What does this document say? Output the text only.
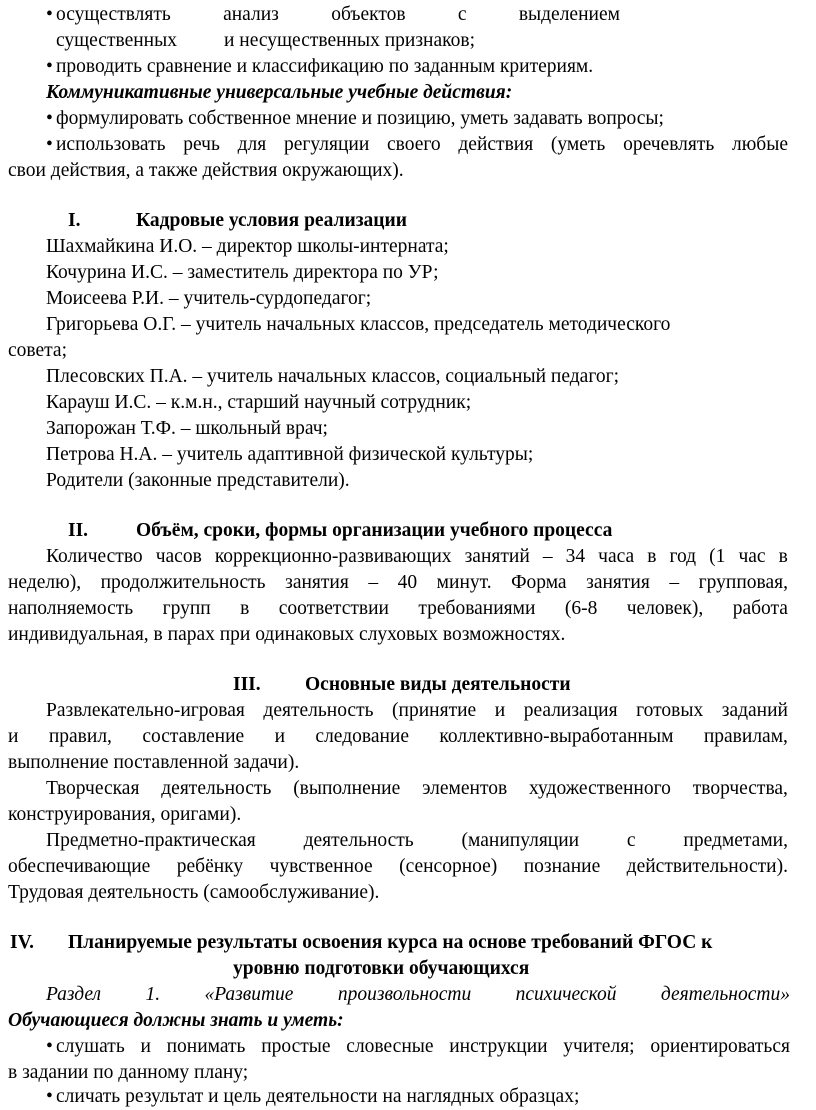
• осуществлять	анализ	объектов	с	выделением
существенных и несущественных признаков;
• проводить сравнение и классификацию по заданным критериям.
Коммуникативные универсальные учебные действия:
• формулировать собственное мнение и позицию, уметь задавать вопросы;
• использовать речь для регуляции своего действия (уметь оречевлять любые
свои действия, а также действия окружающих).
I.	Кадровые условия реализации
Шахмайкина И.О. – директор школы-интерната;
Кочурина И.С. – заместитель директора по УР;
Моисеева Р.И. – учитель-сурдопедагог;
Григорьева О.Г. – учитель начальных классов, председатель методического
совета;
Плесовских П.А. – учитель начальных классов, социальный педагог;
Карауш И.С. – к.м.н., старший научный сотрудник;
Запорожан Т.Ф. – школьный врач;
Петрова Н.А. – учитель адаптивной физической культуры;
Родители (законные представители).
II. Объём, сроки, формы организации учебного процесса
Количество часов коррекционно-развивающих занятий – 34 часа в год (1 час в
неделю), продолжительность занятия – 40 минут. Форма занятия – групповая,
наполняемость групп в соответствии требованиями (6-8 человек), работа
индивидуальная, в парах при одинаковых слуховых возможностях.
III. Основные виды деятельности
Развлекательно-игровая деятельность (принятие и реализация готовых заданий
и правил, составление и следование коллективно-выработанным правилам,
выполнение поставленной задачи).
Творческая деятельность (выполнение элементов художественного творчества,
конструирования, оригами).
Предметно-практическая деятельность (манипуляции с предметами,
обеспечивающие ребёнку чувственное (сенсорное) познание действительности).
Трудовая деятельность (самообслуживание).
IV. Планируемые результаты освоения курса на основе требований ФГОС к
уровню подготовки обучающихся
Раздел 1. «Развитие произвольности психической деятельности»
Обучающиеся должны знать и уметь:
• слушать и понимать простые словесные инструкции учителя; ориентироваться
в задании по данному плану;
• сличать результат и цель деятельности на наглядных образцах;
